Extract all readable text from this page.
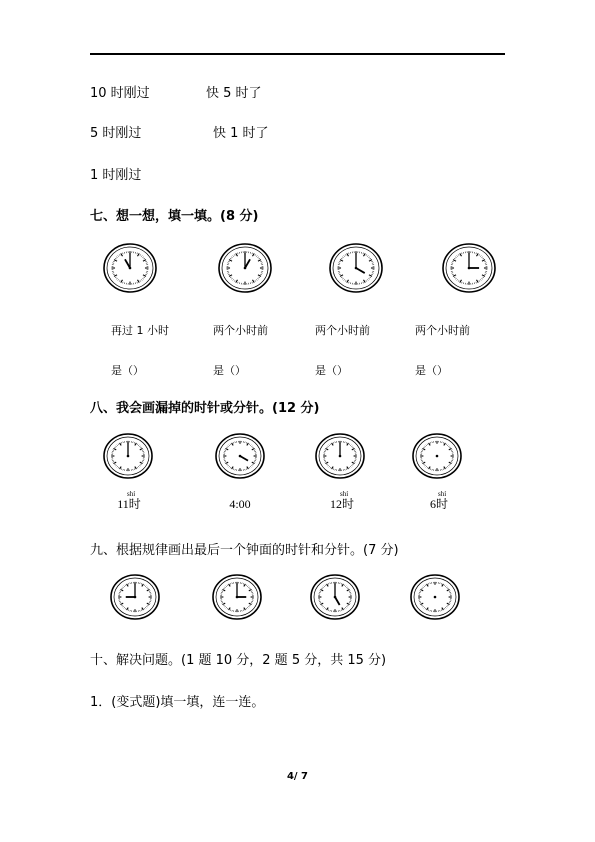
10 时刚过	快 5 时了
5 时刚过	快 1 时了
1 时刚过
七、想一想，填一填。(8 分)
再过 1 小时	两个小时前	两个小时前	两个小时前
是（）	是（）	是（）	是（）
八、我会画漏掉的时针或分针。(12 分)
shí
11时	4:00
shí
12时
shí
6时
九、根据规律画出最后一个钟面的时针和分针。(7 分)
十、解决问题。(1 题 10 分，2 题 5 分，共 15 分)
1．(变式题)填一填，连一连。
4/ 7
